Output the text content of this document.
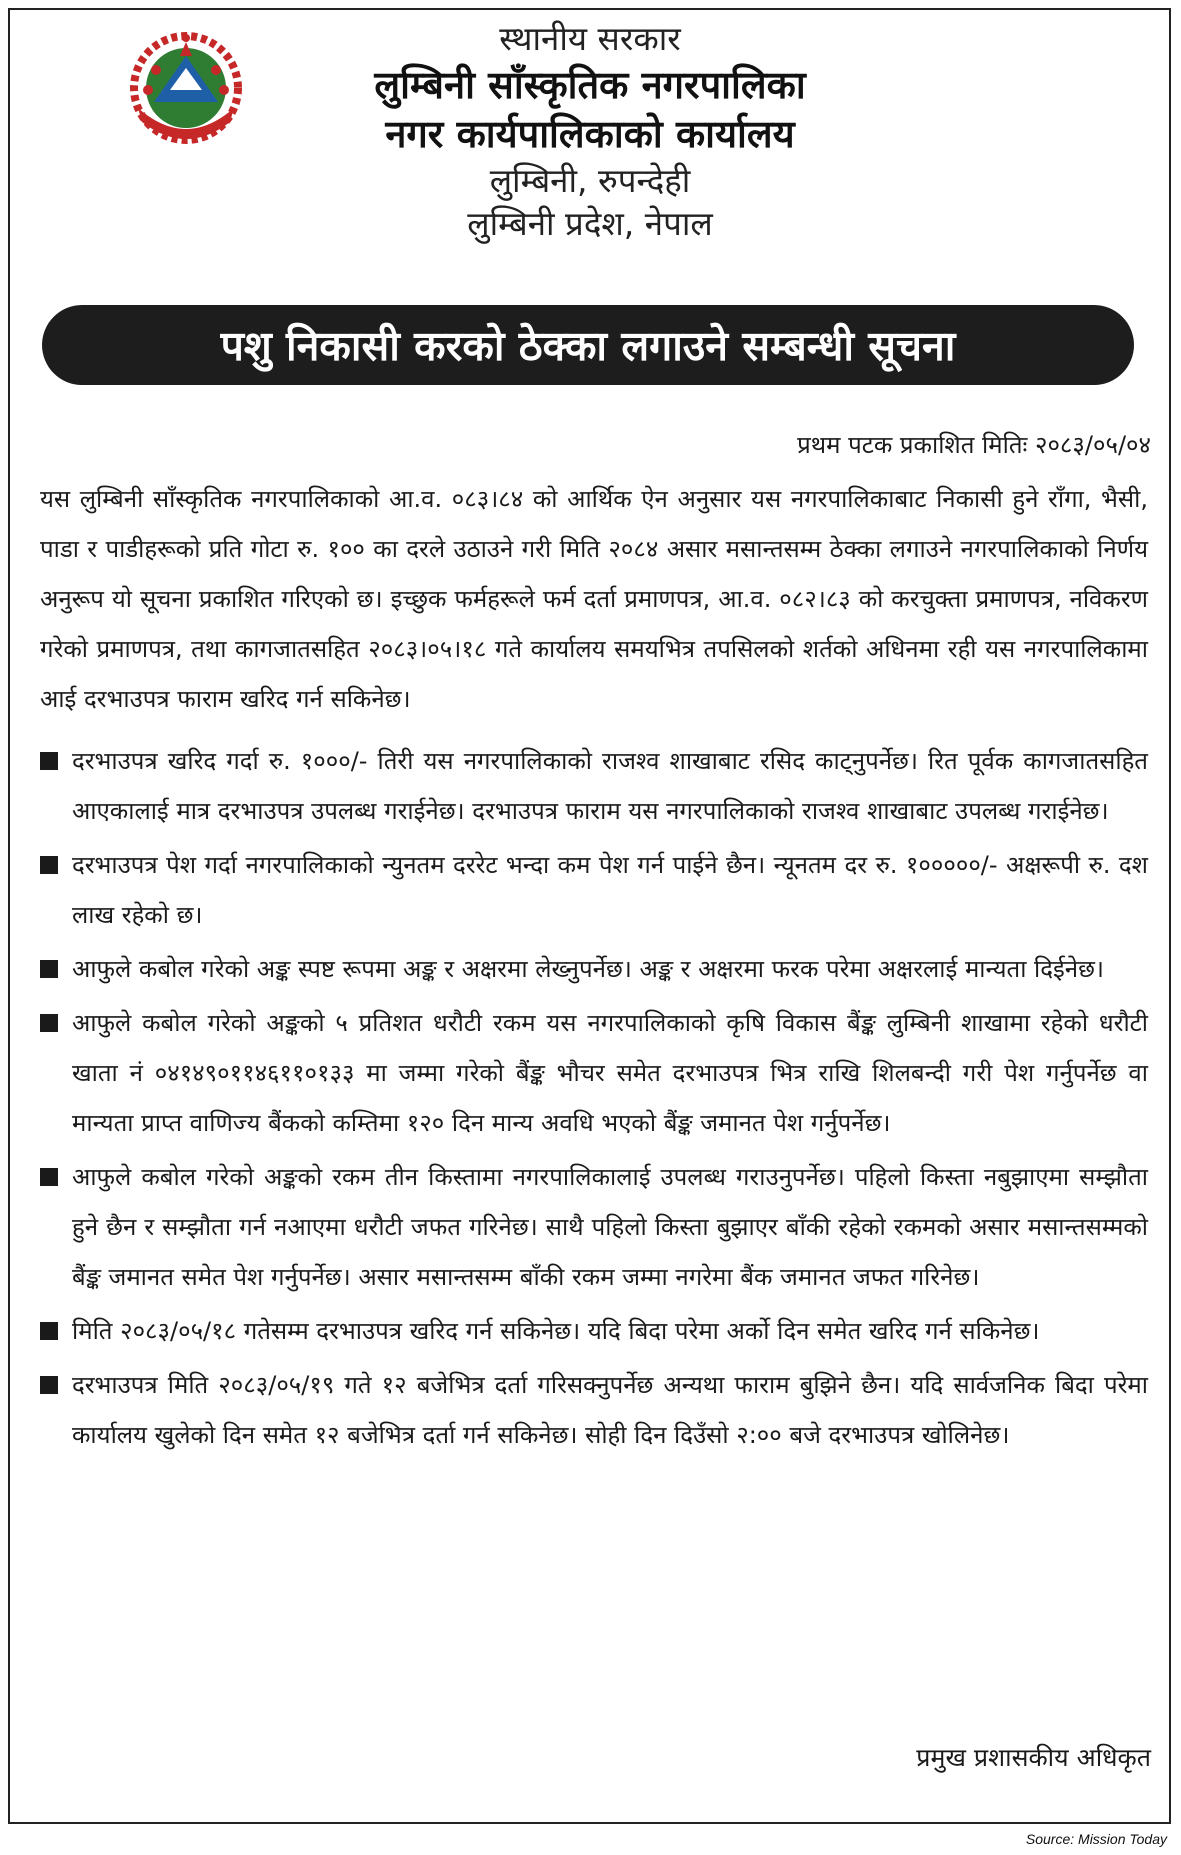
स्थानीय सरकार

लुम्बिनी साँस्कृतिक नगरपालिका

नगर कार्यपालिकाको कार्यालय

लुम्बिनी, रुपन्देही

लुम्बिनी प्रदेश, नेपाल

पशु निकासी करको ठेक्का लगाउने सम्बन्धी सूचना
प्रथम पटक प्रकाशित मितिः २०८३/०५/०४

यस लुम्बिनी साँस्कृतिक नगरपालिकाको आ.व. ०८३।८४ को आर्थिक ऐन अनुसार यस नगरपालिकाबाट निकासी हुने राँगा, भैसी, पाडा र पाडीहरूको प्रति गोटा रु. १०० का दरले उठाउने गरी मिति २०८४ असार मसान्तसम्म ठेक्का लगाउने नगरपालिकाको निर्णय अनुरूप यो सूचना प्रकाशित गरिएको छ। इच्छुक फर्महरूले फर्म दर्ता प्रमाणपत्र, आ.व. ०८२।८३ को करचुक्ता प्रमाणपत्र, नविकरण गरेको प्रमाणपत्र, तथा कागजातसहित २०८३।०५।१८ गते कार्यालय समयभित्र तपसिलको शर्तको अधिनमा रही यस नगरपालिकामा आई दरभाउपत्र फाराम खरिद गर्न सकिनेछ।

दरभाउपत्र खरिद गर्दा रु. १०००/- तिरी यस नगरपालिकाको राजश्व शाखाबाट रसिद काट्नुपर्नेछ। रित पूर्वक कागजातसहित आएकालाई मात्र दरभाउपत्र उपलब्ध गराईनेछ। दरभाउपत्र फाराम यस नगरपालिकाको राजश्व शाखाबाट उपलब्ध गराईनेछ।
दरभाउपत्र पेश गर्दा नगरपालिकाको न्युनतम दररेट भन्दा कम पेश गर्न पाईने छैन। न्यूनतम दर रु. १०००००/- अक्षरूपी रु. दश लाख रहेको छ।
आफुले कबोल गरेको अङ्क स्पष्ट रूपमा अङ्क र अक्षरमा लेख्नुपर्नेछ। अङ्क र अक्षरमा फरक परेमा अक्षरलाई मान्यता दिईनेछ।
आफुले कबोल गरेको अङ्कको ५ प्रतिशत धरौटी रकम यस नगरपालिकाको कृषि विकास बैंङ्क लुम्बिनी शाखामा रहेको धरौटी खाता नं ०४१४९०११४६११०१३३ मा जम्मा गरेको बैंङ्क भौचर समेत दरभाउपत्र भित्र राखि शिलबन्दी गरी पेश गर्नुपर्नेछ वा मान्यता प्राप्त वाणिज्य बैंकको कम्तिमा १२० दिन मान्य अवधि भएको बैंङ्क जमानत पेश गर्नुपर्नेछ।
आफुले कबोल गरेको अङ्कको रकम तीन किस्तामा नगरपालिकालाई उपलब्ध गराउनुपर्नेछ। पहिलो किस्ता नबुझाएमा सम्झौता हुने छैन र सम्झौता गर्न नआएमा धरौटी जफत गरिनेछ। साथै पहिलो किस्ता बुझाएर बाँकी रहेको रकमको असार मसान्तसम्मको बैंङ्क जमानत समेत पेश गर्नुपर्नेछ। असार मसान्तसम्म बाँकी रकम जम्मा नगरेमा बैंक जमानत जफत गरिनेछ।
मिति २०८३/०५/१८ गतेसम्म दरभाउपत्र खरिद गर्न सकिनेछ। यदि बिदा परेमा अर्को दिन समेत खरिद गर्न सकिनेछ।
दरभाउपत्र मिति २०८३/०५/१९ गते १२ बजेभित्र दर्ता गरिसक्नुपर्नेछ अन्यथा फाराम बुझिने छैन। यदि सार्वजनिक बिदा परेमा कार्यालय खुलेको दिन समेत १२ बजेभित्र दर्ता गर्न सकिनेछ। सोही दिन दिउँसो २:०० बजे दरभाउपत्र खोलिनेछ।
प्रमुख प्रशासकीय अधिकृत
Source: Mission Today
